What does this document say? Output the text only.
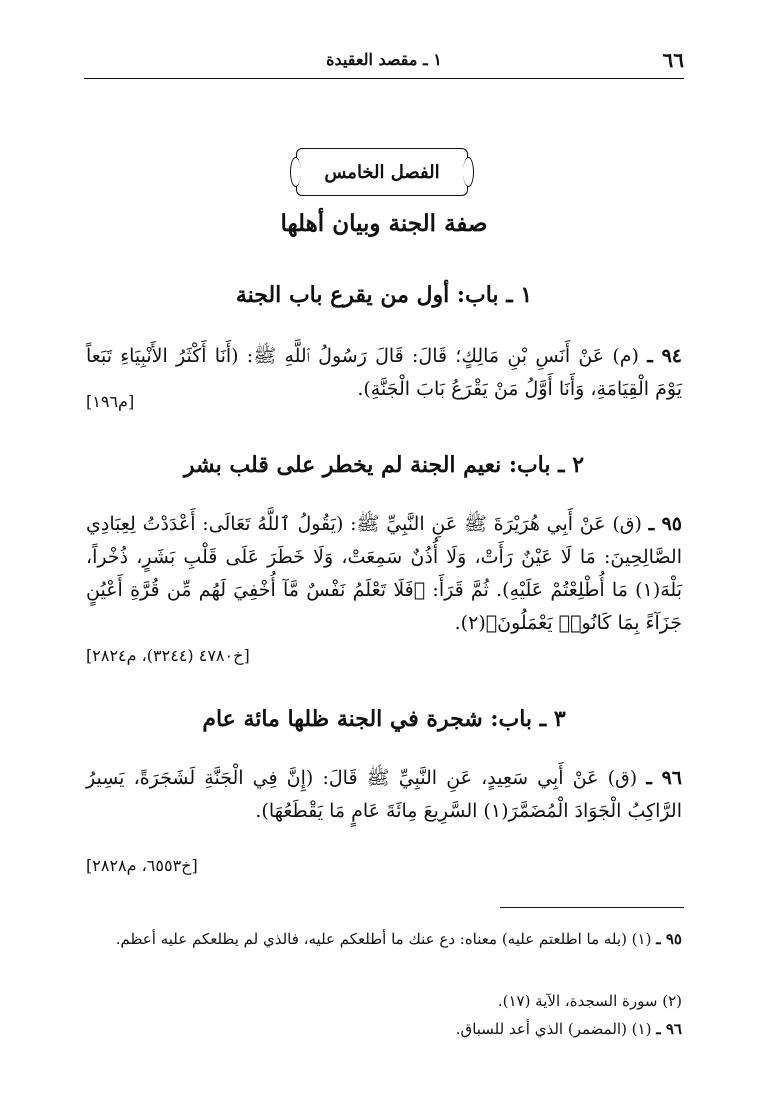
٦٦
١ ـ مقصد العقيدة
الفصل الخامس
صفة الجنة وبيان أهلها
١ ـ باب: أول من يقرع باب الجنة
٩٤ ـ (م) عَنْ أَنَسِ بْنِ مَالِكٍ؛ قَالَ: قَالَ رَسُولُ ٱللَّهِ ﷺ: (أَنَا أَكْثَرُ الأَنْبِيَاءِ تَبَعاً يَوْمَ الْقِيَامَةِ، وَأَنَا أَوَّلُ مَنْ يَقْرَعُ بَابَ الْجَنَّةِ).
[م١٩٦]
٢ ـ باب: نعيم الجنة لم يخطر على قلب بشر
٩٥ ـ (ق) عَنْ أَبِي هُرَيْرَةَ ﷺ عَنِ النَّبِيِّ ﷺ: (يَقُولُ ٱللَّهُ تَعَالَى: أَعْدَدْتُ لِعِبَادِي الصَّالِحِينَ: مَا لَا عَيْنٌ رَأَتْ، وَلَا أُذُنٌ سَمِعَتْ، وَلَا خَطَرَ عَلَى قَلْبِ بَشَرٍ، ذُخْراً، بَلْهَ(١) مَا أُطْلِعْتُمْ عَلَيْهِ). ثُمَّ قَرَأَ: ﴿فَلَا تَعْلَمُ نَفْسٌ مَّآ أُخْفِيَ لَهُم مِّن قُرَّةِ أَعْيُنٍ جَزَآءً بِمَا كَانُوا۟ يَعْمَلُونَ﴾(٢).
[خ٤٧٨٠ (٣٢٤٤)، م٢٨٢٤]
٣ ـ باب: شجرة في الجنة ظلها مائة عام
٩٦ ـ (ق) عَنْ أَبِي سَعِيدٍ، عَنِ النَّبِيِّ ﷺ قَالَ: (إِنَّ فِي الْجَنَّةِ لَشَجَرَةً، يَسِيرُ الرَّاكِبُ الْجَوَادَ الْمُضَمَّرَ(١) السَّرِيعَ مِائَةَ عَامٍ مَا يَقْطَعُهَا).
[خ٦٥٥٣، م٢٨٢٨]
٩٥ ـ (١) (بله ما اطلعتم عليه) معناه: دع عنك ما أطلعكم عليه، فالذي لم يطلعكم عليه أعظم.
(٢) سورة السجدة، الآية (١٧).
٩٦ ـ (١) (المضمر) الذي أعد للسباق.
